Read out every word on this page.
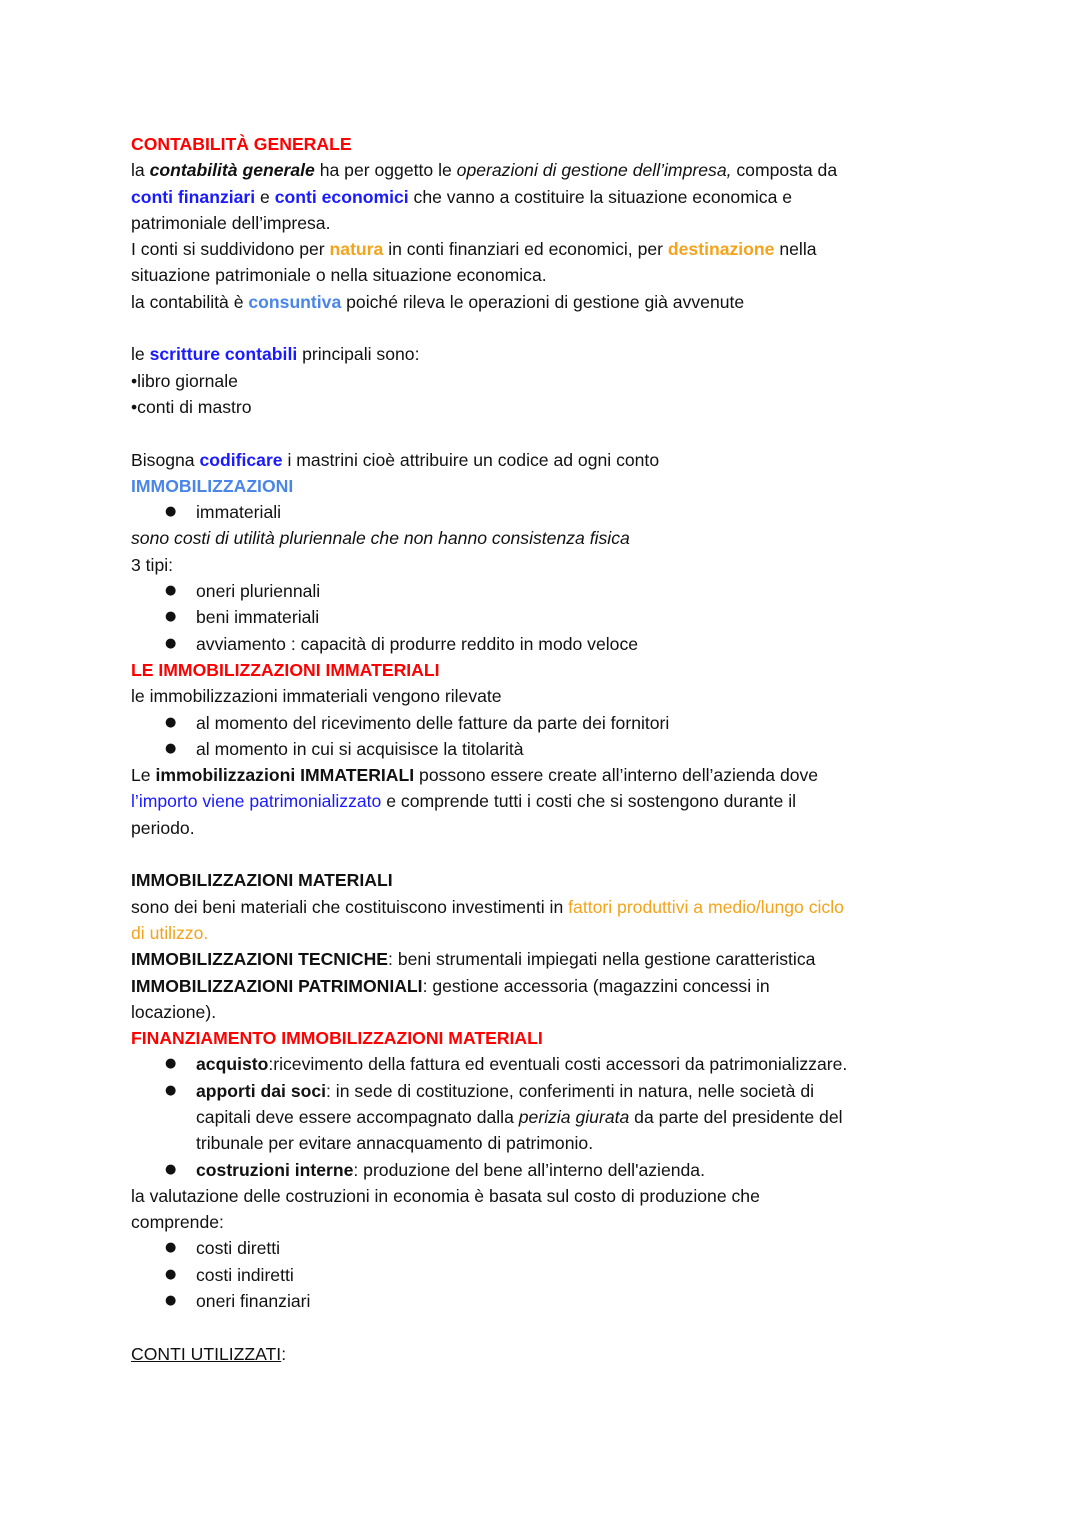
CONTABILITÀ GENERALE

la contabilità generale ha per oggetto le operazioni di gestione dell’impresa, composta da

conti finanziari e conti economici che vanno a costituire la situazione economica e

patrimoniale dell’impresa.

I conti si suddividono per natura in conti finanziari ed economici, per destinazione nella

situazione patrimoniale o nella situazione economica.

la contabilità è consuntiva poiché rileva le operazioni di gestione già avvenute

le scritture contabili principali sono:

•libro giornale

•conti di mastro

Bisogna codificare i mastrini cioè attribuire un codice ad ogni conto

IMMOBILIZZAZIONI

● immateriali

sono costi di utilità pluriennale che non hanno consistenza fisica

3 tipi:

● oneri pluriennali
● beni immateriali
● avviamento : capacità di produrre reddito in modo veloce

LE IMMOBILIZZAZIONI IMMATERIALI

le immobilizzazioni immateriali vengono rilevate

● al momento del ricevimento delle fatture da parte dei fornitori
● al momento in cui si acquisisce la titolarità

Le immobilizzazioni IMMATERIALI possono essere create all’interno dell’azienda dove

l’importo viene patrimonializzato e comprende tutti i costi che si sostengono durante il

periodo.

IMMOBILIZZAZIONI MATERIALI

sono dei beni materiali che costituiscono investimenti in fattori produttivi a medio/lungo ciclo

di utilizzo.

IMMOBILIZZAZIONI TECNICHE: beni strumentali impiegati nella gestione caratteristica

IMMOBILIZZAZIONI PATRIMONIALI: gestione accessoria (magazzini concessi in

locazione).

FINANZIAMENTO IMMOBILIZZAZIONI MATERIALI

● acquisto:ricevimento della fattura ed eventuali costi accessori da patrimonializzare.
● apporti dai soci: in sede di costituzione, conferimenti in natura, nelle società di
capitali deve essere accompagnato dalla perizia giurata da parte del presidente del
tribunale per evitare annacquamento di patrimonio.
● costruzioni interne: produzione del bene all’interno dell'azienda.

la valutazione delle costruzioni in economia è basata sul costo di produzione che

comprende:

● costi diretti
● costi indiretti
● oneri finanziari

CONTI UTILIZZATI:
